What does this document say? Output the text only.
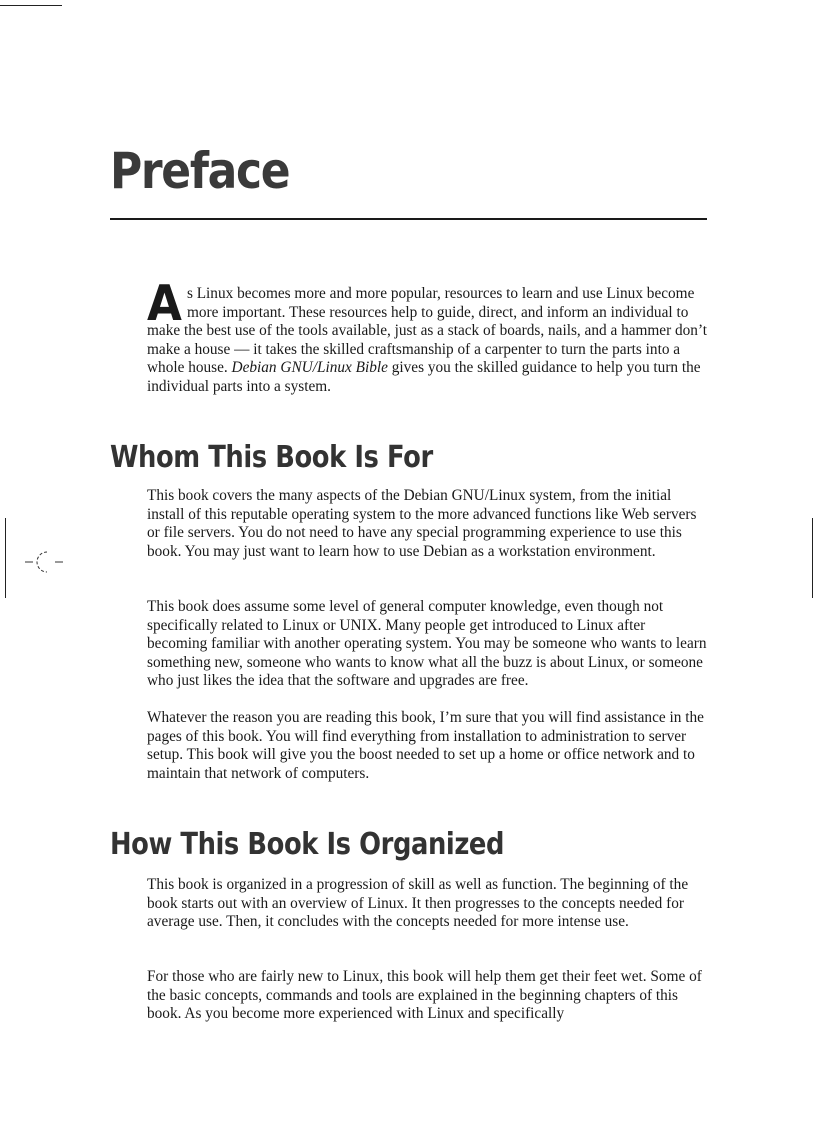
Preface

As Linux becomes more and more popular, resources to learn and use Linux become more important. These resources help to guide, direct, and inform an individual to make the best use of the tools available, just as a stack of boards, nails, and a hammer don’t make a house — it takes the skilled craftsmanship of a carpenter to turn the parts into a whole house. Debian GNU/Linux Bible gives you the skilled guidance to help you turn the individual parts into a system.

Whom This Book Is For

This book covers the many aspects of the Debian GNU/Linux system, from the initial install of this reputable operating system to the more advanced functions like Web servers or file servers. You do not need to have any special programming experience to use this book. You may just want to learn how to use Debian as a workstation environment.

This book does assume some level of general computer knowledge, even though not specifically related to Linux or UNIX. Many people get introduced to Linux after becoming familiar with another operating system. You may be someone who wants to learn something new, someone who wants to know what all the buzz is about Linux, or someone who just likes the idea that the software and upgrades are free.

Whatever the reason you are reading this book, I’m sure that you will find assistance in the pages of this book. You will find everything from installation to administration to server setup. This book will give you the boost needed to set up a home or office network and to maintain that network of computers.

How This Book Is Organized

This book is organized in a progression of skill as well as function. The beginning of the book starts out with an overview of Linux. It then progresses to the concepts needed for average use. Then, it concludes with the concepts needed for more intense use.

For those who are fairly new to Linux, this book will help them get their feet wet. Some of the basic concepts, commands and tools are explained in the beginning chapters of this book. As you become more experienced with Linux and specifically
